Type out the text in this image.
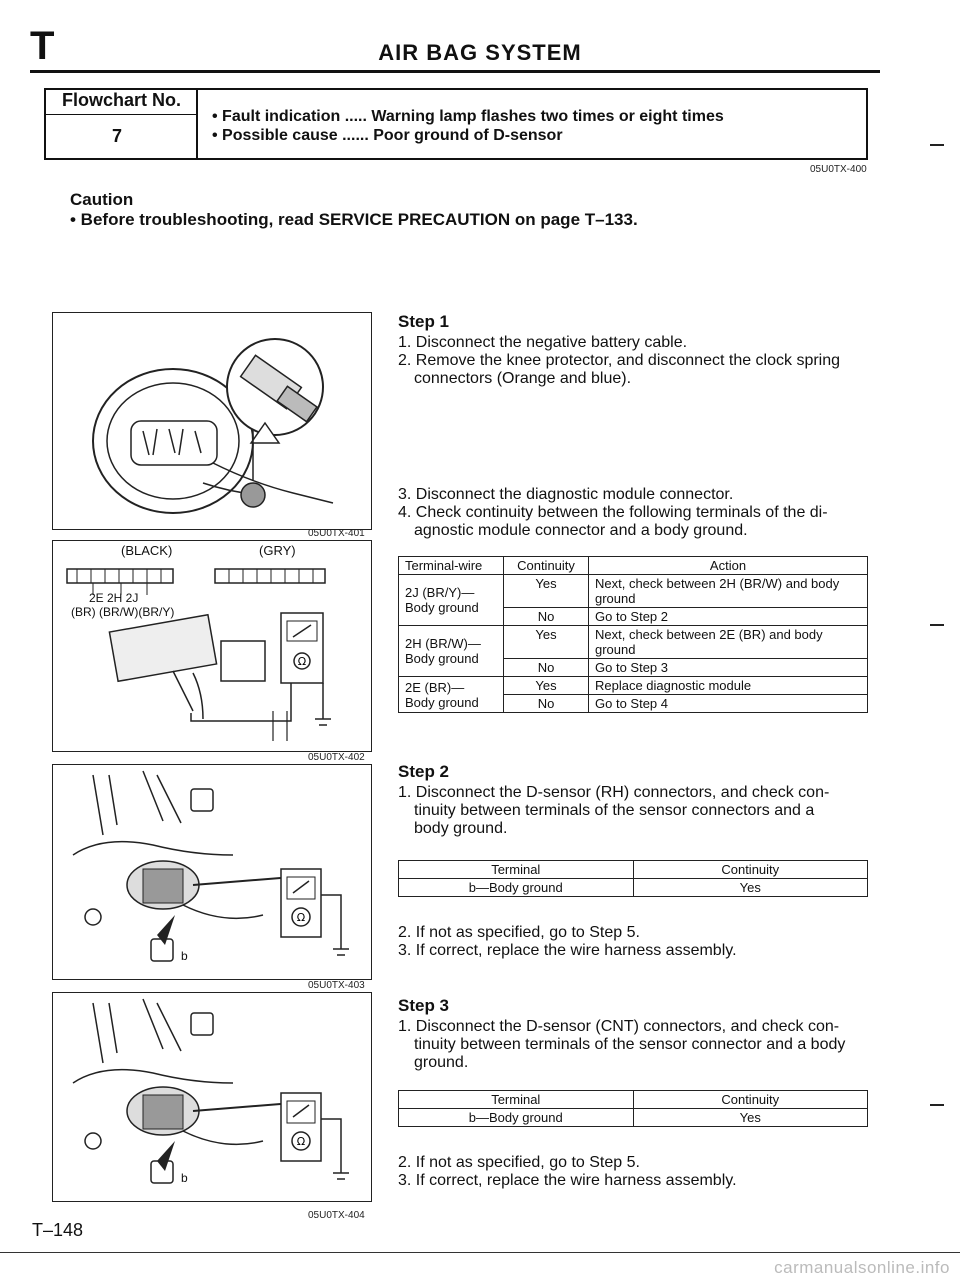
T	AIR BAG SYSTEM
Flowchart No.
7
• Fault indication ..... Warning lamp flashes two times or eight times
• Possible cause ...... Poor ground of D-sensor
05U0TX-400
Caution
• Before troubleshooting, read SERVICE PRECAUTION on page T–133.
05U0TX-401
Ω
(BLACK)	(GRY)
2E 2H 2J
(BR) (BR/W)(BR/Y)
05U0TX-402
Ω
b
05U0TX-403
Ω
b
05U0TX-404
Step 1
1. Disconnect the negative battery cable.
2. Remove the knee protector, and disconnect the clock spring
connectors (Orange and blue).
3. Disconnect the diagnostic module connector.
4. Check continuity between the following terminals of the di-
agnostic module connector and a body ground.
Terminal-wire	Continuity	Action
2J (BR/Y)—
Body ground	Yes	Next, check between 2H (BR/W) and body ground
	No	Go to Step 2
2H (BR/W)—
Body ground	Yes	Next, check between 2E (BR) and body ground
	No	Go to Step 3
2E (BR)—
Body ground	Yes	Replace diagnostic module
	No	Go to Step 4
Step 2
1. Disconnect the D-sensor (RH) connectors, and check con-
tinuity between terminals of the sensor connectors and a
body ground.
Terminal	Continuity
b—Body ground	Yes
2. If not as specified, go to Step 5.
3. If correct, replace the wire harness assembly.
Step 3
1. Disconnect the D-sensor (CNT) connectors, and check con-
tinuity between terminals of the sensor connector and a body
ground.
Terminal	Continuity
b—Body ground	Yes
2. If not as specified, go to Step 5.
3. If correct, replace the wire harness assembly.
T–148
carmanualsonline.info
